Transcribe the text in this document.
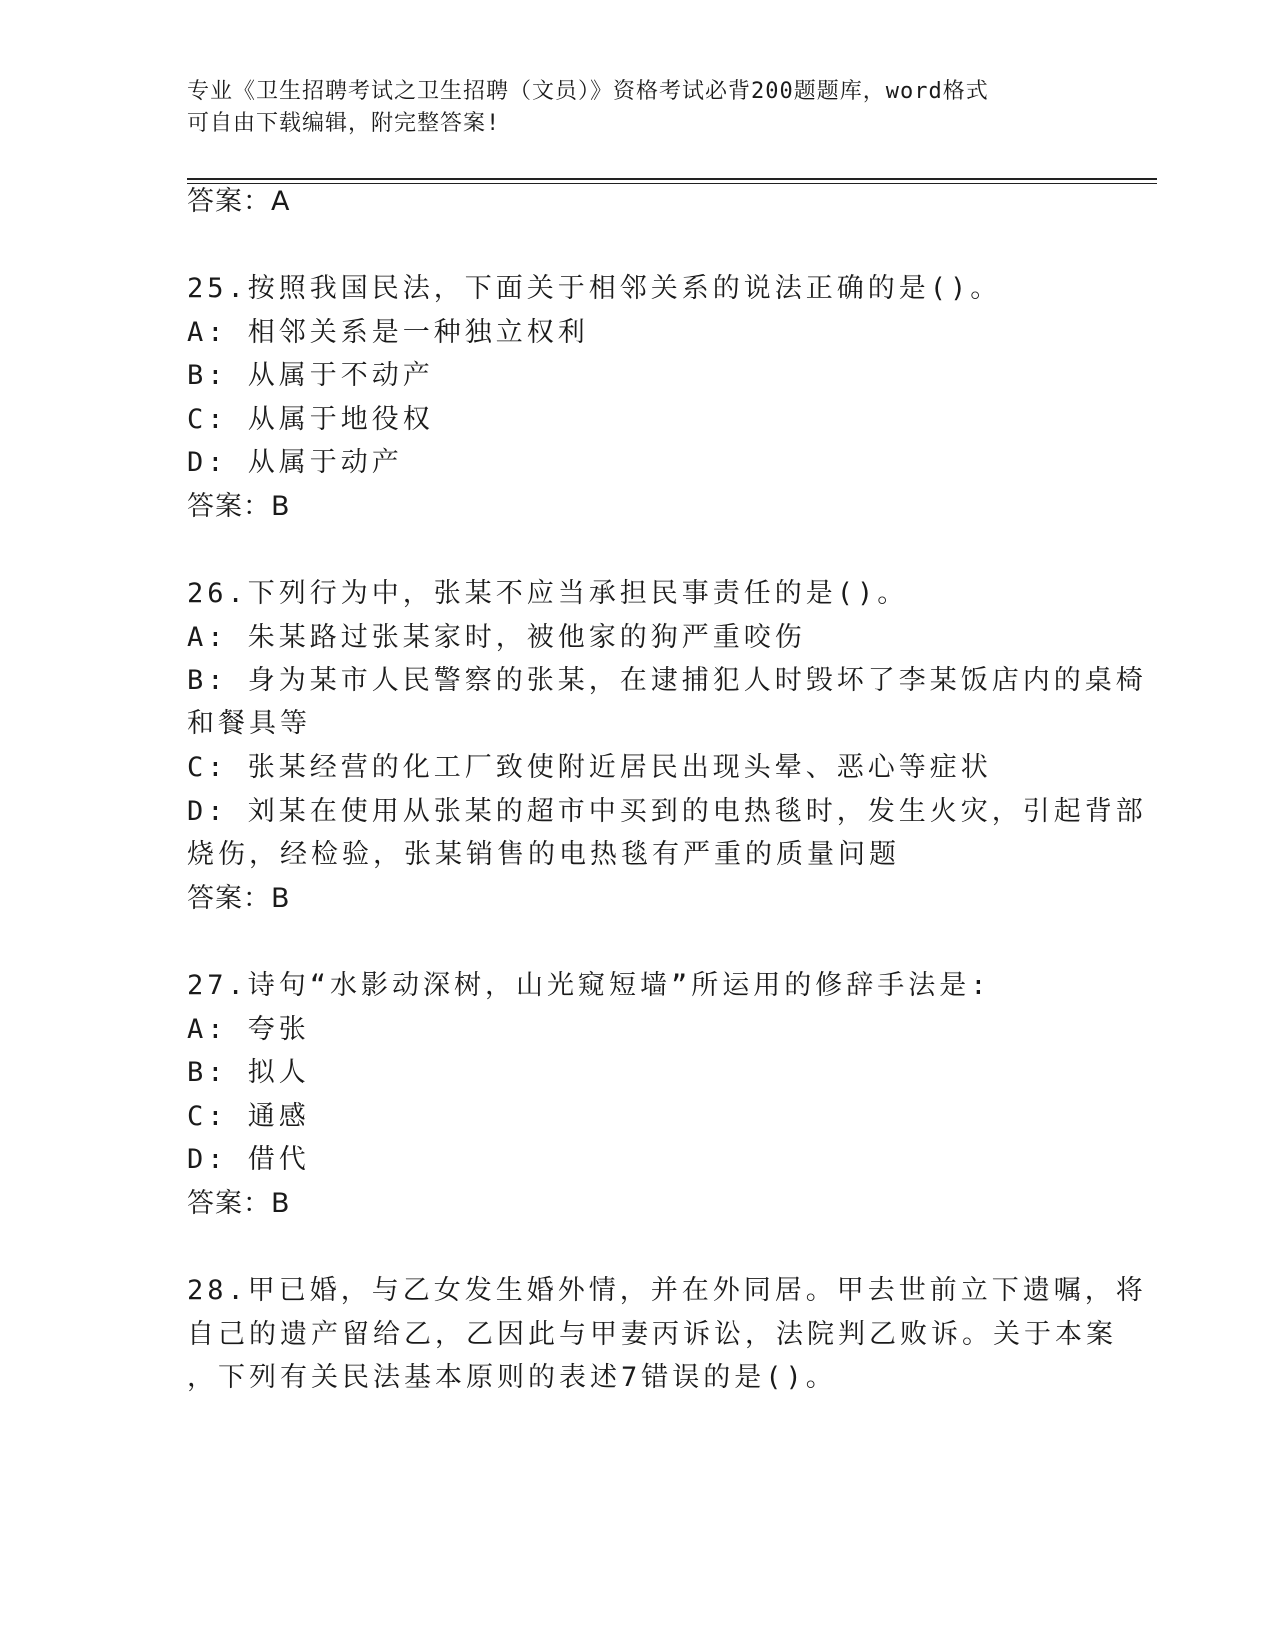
专业《卫生招聘考试之卫生招聘（文员）》资格考试必背200题题库，word格式
可自由下载编辑，附完整答案!
答案：A
25.按照我国民法，下面关于相邻关系的说法正确的是()。
A: 相邻关系是一种独立权利
B: 从属于不动产
C: 从属于地役权
D: 从属于动产
答案：B
26.下列行为中，张某不应当承担民事责任的是()。
A: 朱某路过张某家时，被他家的狗严重咬伤
B: 身为某市人民警察的张某，在逮捕犯人时毁坏了李某饭店内的桌椅
和餐具等
C: 张某经营的化工厂致使附近居民出现头晕、恶心等症状
D: 刘某在使用从张某的超市中买到的电热毯时，发生火灾，引起背部
烧伤，经检验，张某销售的电热毯有严重的质量问题
答案：B
27.诗句“水影动深树，山光窥短墙”所运用的修辞手法是:
A: 夸张
B: 拟人
C: 通感
D: 借代
答案：B
28.甲已婚，与乙女发生婚外情，并在外同居。甲去世前立下遗嘱，将
自己的遗产留给乙，乙因此与甲妻丙诉讼，法院判乙败诉。关于本案
，下列有关民法基本原则的表述7错误的是()。
